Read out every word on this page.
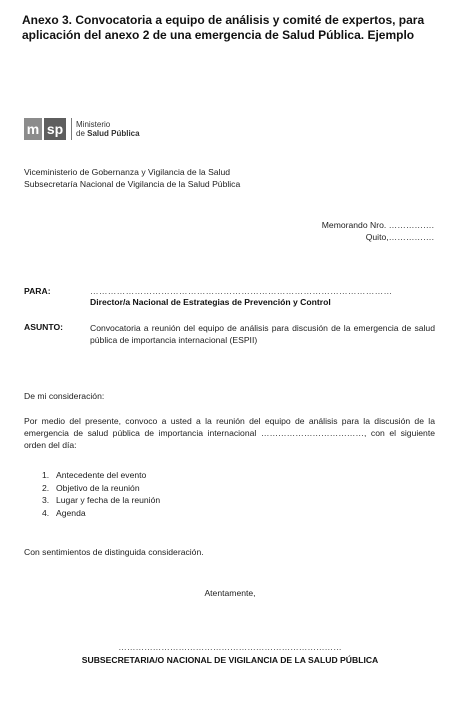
Anexo 3. Convocatoria a equipo de análisis y comité de expertos, para
aplicación del anexo 2 de una emergencia de Salud Pública. Ejemplo
m sp	Ministerio
de Salud Pública
Viceministerio de Gobernanza y Vigilancia de la Salud
Subsecretaría Nacional de Vigilancia de la Salud Pública
Memorando Nro. …………….
Quito,…………….
PARA:	…………………………………………………………………………………………
Director/a Nacional de Estrategias de Prevención y Control
ASUNTO:	Convocatoria a reunión del equipo de análisis para discusión de la emergencia de salud pública de importancia internacional (ESPII)
De mi consideración:
Por medio del presente, convoco a usted a la reunión del equipo de análisis para la discusión de la emergencia de salud pública de importancia internacional ………………………………, con el siguiente orden del día:
1. Antecedente del evento
2. Objetivo de la reunión
3. Lugar y fecha de la reunión
4. Agenda
Con sentimientos de distinguida consideración.
Atentamente,
……………………………………………………………………
SUBSECRETARIA/O NACIONAL DE VIGILANCIA DE LA SALUD PÚBLICA
